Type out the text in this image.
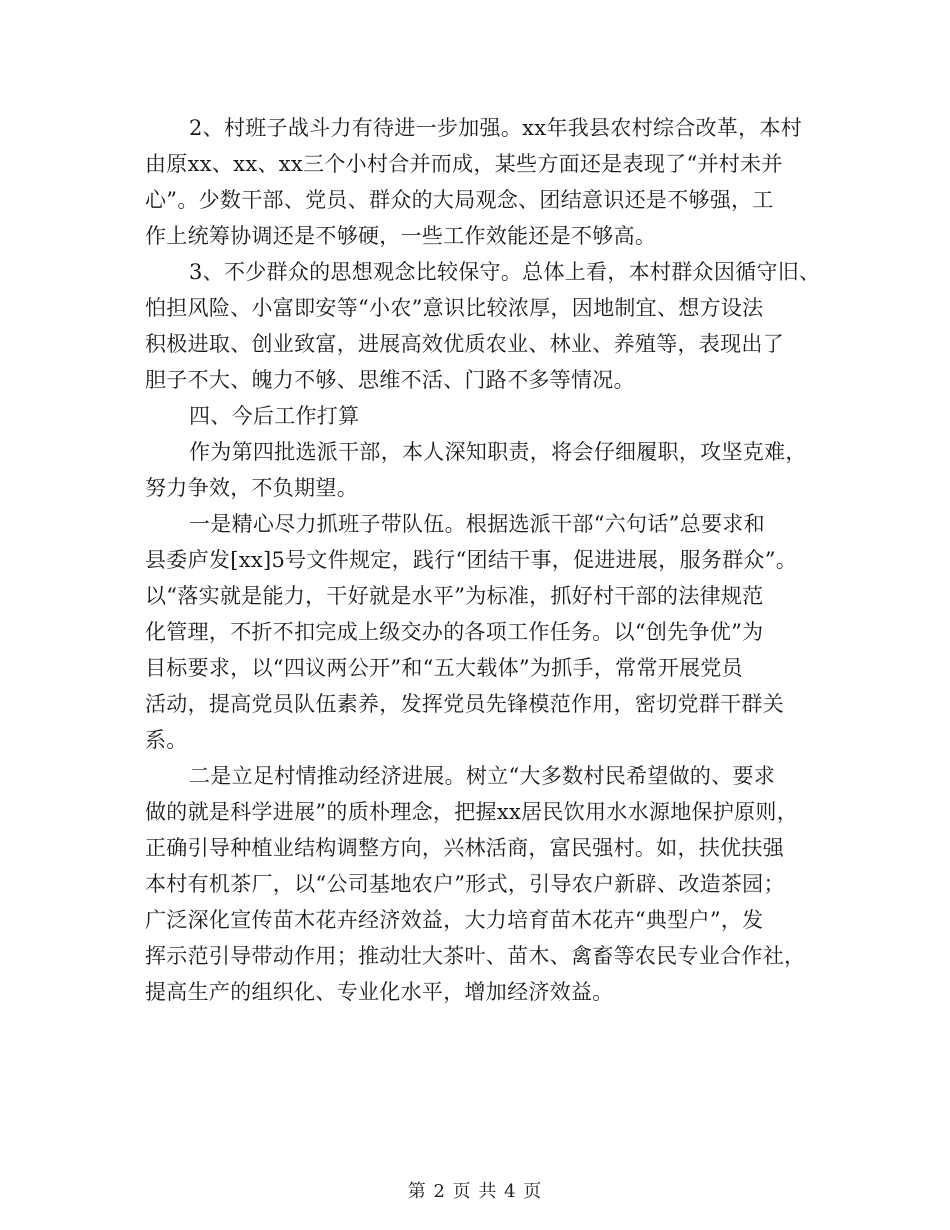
2、村班子战斗力有待进一步加强。xx年我县农村综合改革，本村
由原xx、xx、xx三个小村合并而成，某些方面还是表现了“并村未并
心”。少数干部、党员、群众的大局观念、团结意识还是不够强，工
作上统筹协调还是不够硬，一些工作效能还是不够高。
3、不少群众的思想观念比较保守。总体上看，本村群众因循守旧、
怕担风险、小富即安等“小农”意识比较浓厚，因地制宜、想方设法
积极进取、创业致富，进展高效优质农业、林业、养殖等，表现出了
胆子不大、魄力不够、思维不活、门路不多等情况。
四、今后工作打算
作为第四批选派干部，本人深知职责，将会仔细履职，攻坚克难，
努力争效，不负期望。
一是精心尽力抓班子带队伍。根据选派干部“六句话”总要求和
县委庐发[xx]5号文件规定，践行“团结干事，促进进展，服务群众”。
以“落实就是能力，干好就是水平”为标准，抓好村干部的法律规范
化管理，不折不扣完成上级交办的各项工作任务。以“创先争优”为
目标要求，以“四议两公开”和“五大载体”为抓手，常常开展党员
活动，提高党员队伍素养，发挥党员先锋模范作用，密切党群干群关
系。
二是立足村情推动经济进展。树立“大多数村民希望做的、要求
做的就是科学进展”的质朴理念，把握xx居民饮用水水源地保护原则，
正确引导种植业结构调整方向，兴林活商，富民强村。如，扶优扶强
本村有机茶厂，以“公司基地农户”形式，引导农户新辟、改造茶园；
广泛深化宣传苗木花卉经济效益，大力培育苗木花卉“典型户”，发
挥示范引导带动作用；推动壮大茶叶、苗木、禽畜等农民专业合作社，
提高生产的组织化、专业化水平，增加经济效益。
第 2 页 共 4 页
